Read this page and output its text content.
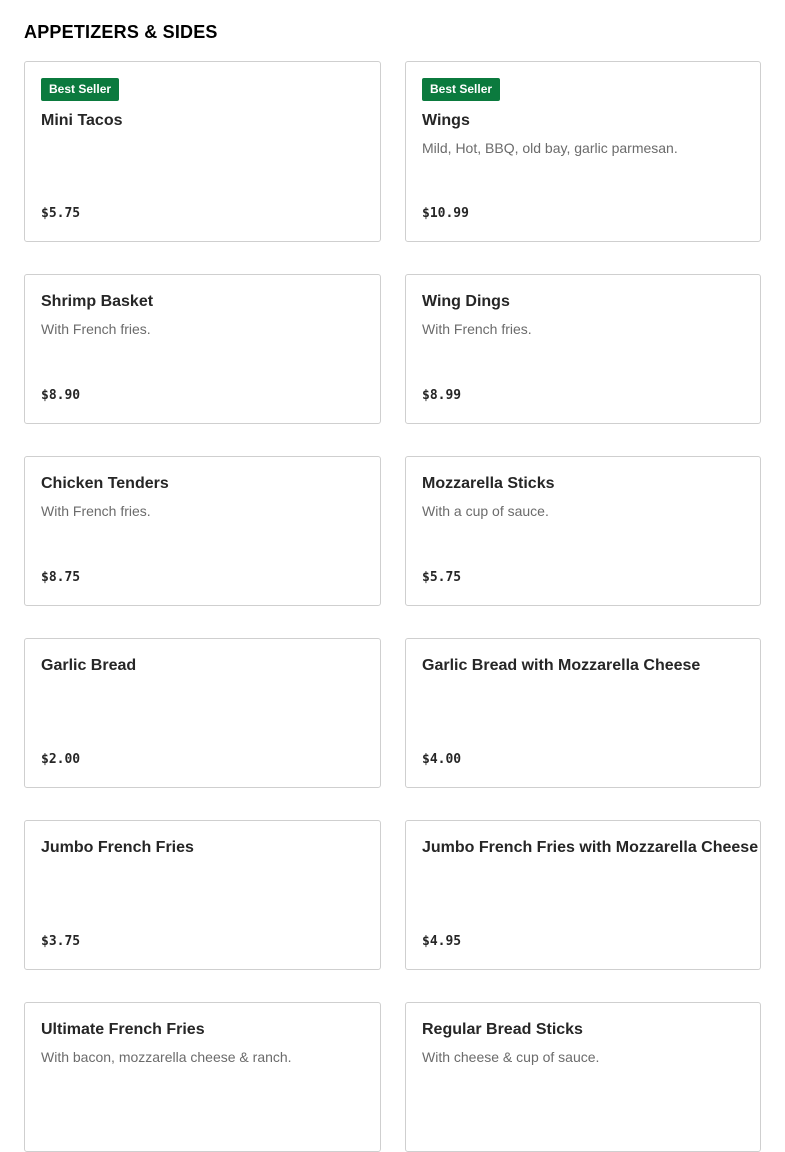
APPETIZERS & SIDES
Best Seller
Mini Tacos
$5.75
Best Seller
Wings
Mild, Hot, BBQ, old bay, garlic parmesan.
$10.99
Shrimp Basket
With French fries.
$8.90
Wing Dings
With French fries.
$8.99
Chicken Tenders
With French fries.
$8.75
Mozzarella Sticks
With a cup of sauce.
$5.75
Garlic Bread
$2.00
Garlic Bread with Mozzarella Cheese
$4.00
Jumbo French Fries
$3.75
Jumbo French Fries with Mozzarella Cheese
$4.95
Ultimate French Fries
With bacon, mozzarella cheese & ranch.
Regular Bread Sticks
With cheese & cup of sauce.
